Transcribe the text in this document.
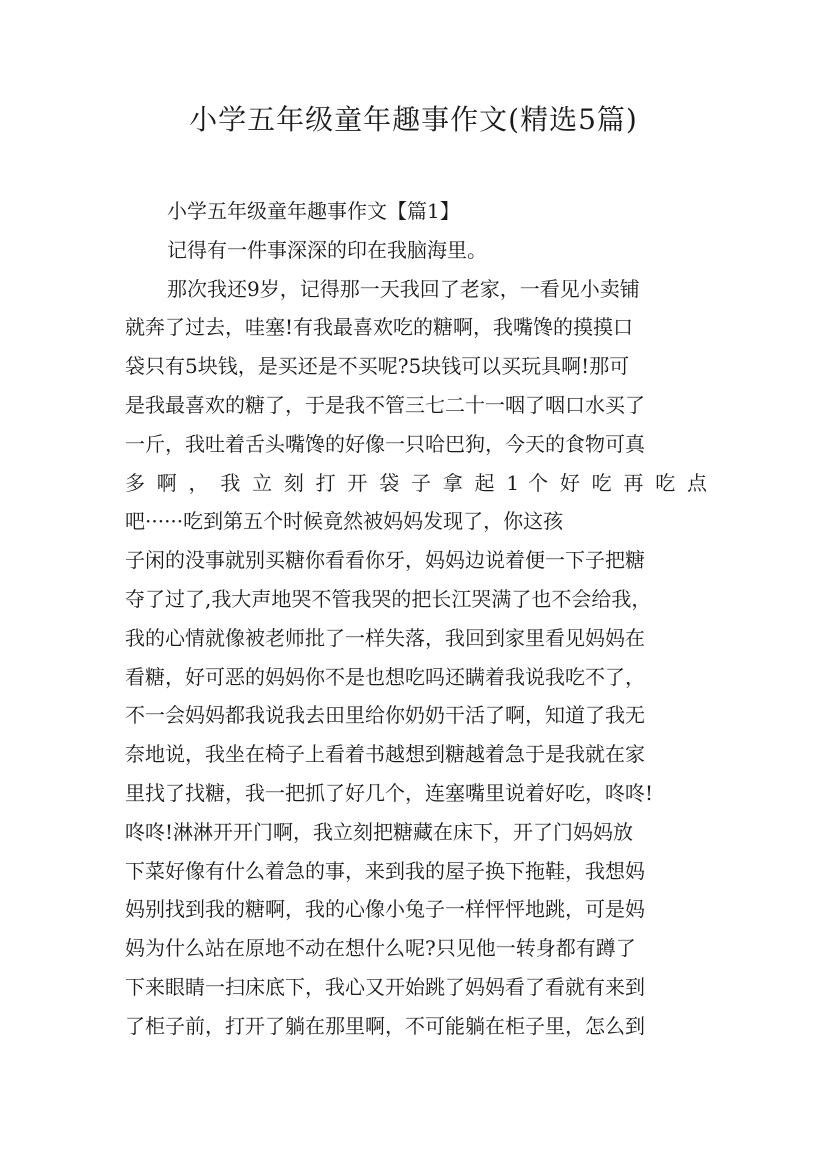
小学五年级童年趣事作文(精选5篇)
小学五年级童年趣事作文【篇1】
记得有一件事深深的印在我脑海里。
那次我还9岁，记得那一天我回了老家，一看见小卖铺
就奔了过去，哇塞!有我最喜欢吃的糖啊，我嘴馋的摸摸口
袋只有5块钱，是买还是不买呢?5块钱可以买玩具啊!那可
是我最喜欢的糖了，于是我不管三七二十一咽了咽口水买了
一斤，我吐着舌头嘴馋的好像一只哈巴狗，今天的食物可真
多 啊 ， 我 立 刻 打 开 袋 子 拿 起 1 个 好 吃 再 吃 点
吧······吃到第五个时候竟然被妈妈发现了，你这孩
子闲的没事就别买糖你看看你牙，妈妈边说着便一下子把糖
夺了过了,我大声地哭不管我哭的把长江哭满了也不会给我，
我的心情就像被老师批了一样失落，我回到家里看见妈妈在
看糖，好可恶的妈妈你不是也想吃吗还瞒着我说我吃不了，
不一会妈妈都我说我去田里给你奶奶干活了啊，知道了我无
奈地说，我坐在椅子上看着书越想到糖越着急于是我就在家
里找了找糖，我一把抓了好几个，连塞嘴里说着好吃，咚咚!
咚咚!淋淋开开门啊，我立刻把糖藏在床下，开了门妈妈放
下菜好像有什么着急的事，来到我的屋子换下拖鞋，我想妈
妈别找到我的糖啊，我的心像小兔子一样怦怦地跳，可是妈
妈为什么站在原地不动在想什么呢?只见他一转身都有蹲了
下来眼睛一扫床底下，我心又开始跳了妈妈看了看就有来到
了柜子前，打开了躺在那里啊，不可能躺在柜子里，怎么到
